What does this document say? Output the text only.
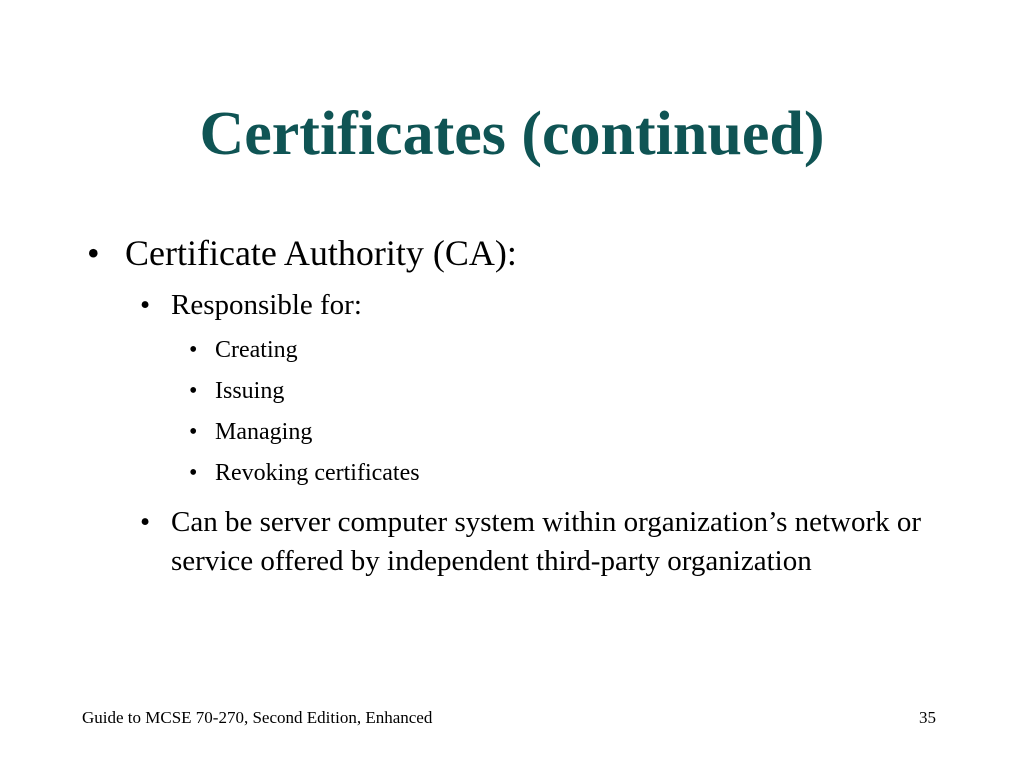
Certificates (continued)
• Certificate Authority (CA):
• Responsible for:
• Creating
• Issuing
• Managing
• Revoking certificates
• Can be server computer system within organization’s network or service offered by independent third-party organization
Guide to MCSE 70-270, Second Edition, Enhanced	35
